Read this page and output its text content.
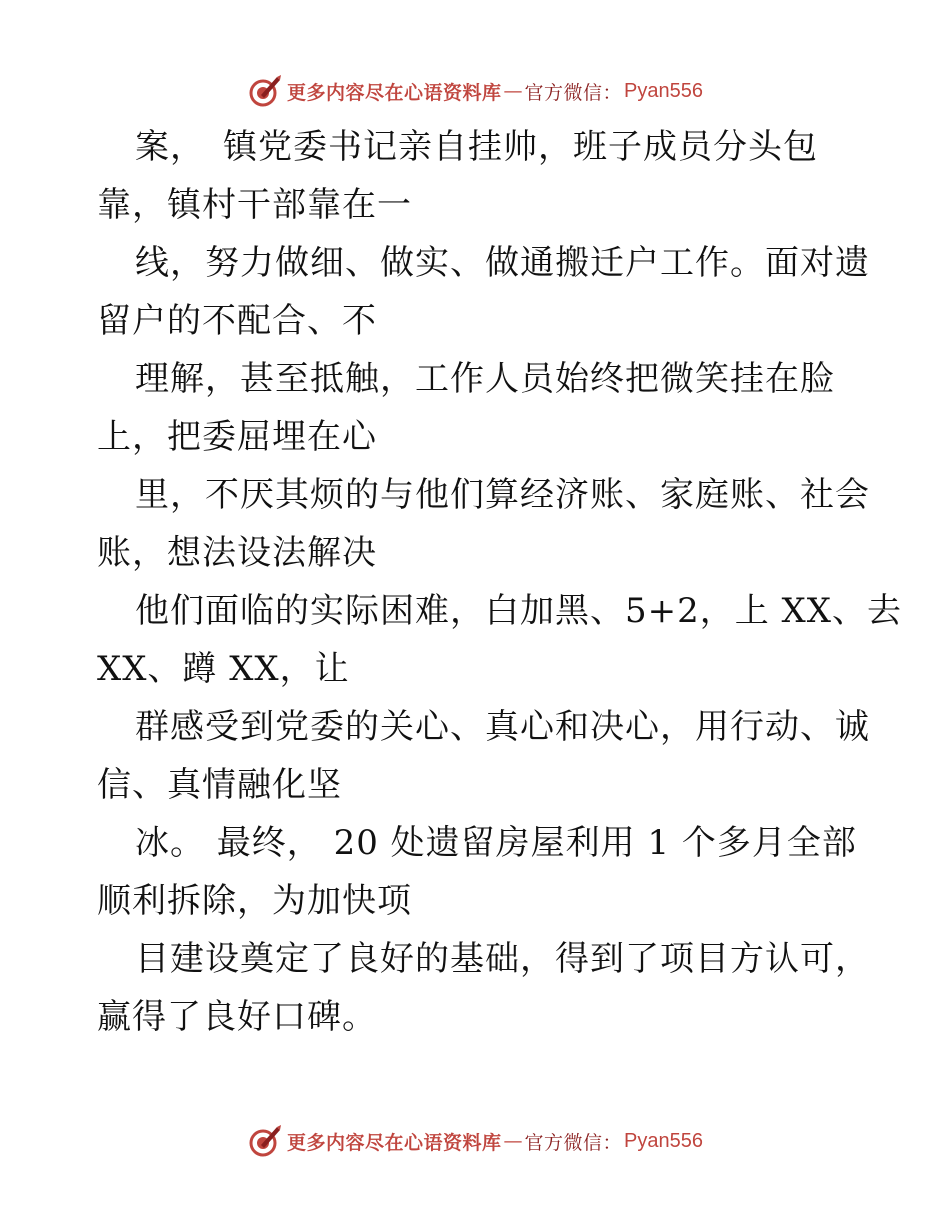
更多内容尽在心语资料库 — 官方微信： Pyan556
案，　镇党委书记亲自挂帅，班子成员分头包
靠，镇村干部靠在一
线，努力做细、做实、做通搬迁户工作。面对遗
留户的不配合、不
理解，甚至抵触，工作人员始终把微笑挂在脸
上，把委屈埋在心
里，不厌其烦的与他们算经济账、家庭账、社会
账，想法设法解决
他们面临的实际困难，白加黑、5+2，上 XX、去
XX、蹲 XX，让
群感受到党委的关心、真心和决心，用行动、诚
信、真情融化坚
冰。 最终， 20 处遗留房屋利用 1 个多月全部
顺利拆除，为加快项
目建设奠定了良好的基础，得到了项目方认可，
赢得了良好口碑。
更多内容尽在心语资料库 — 官方微信： Pyan556
